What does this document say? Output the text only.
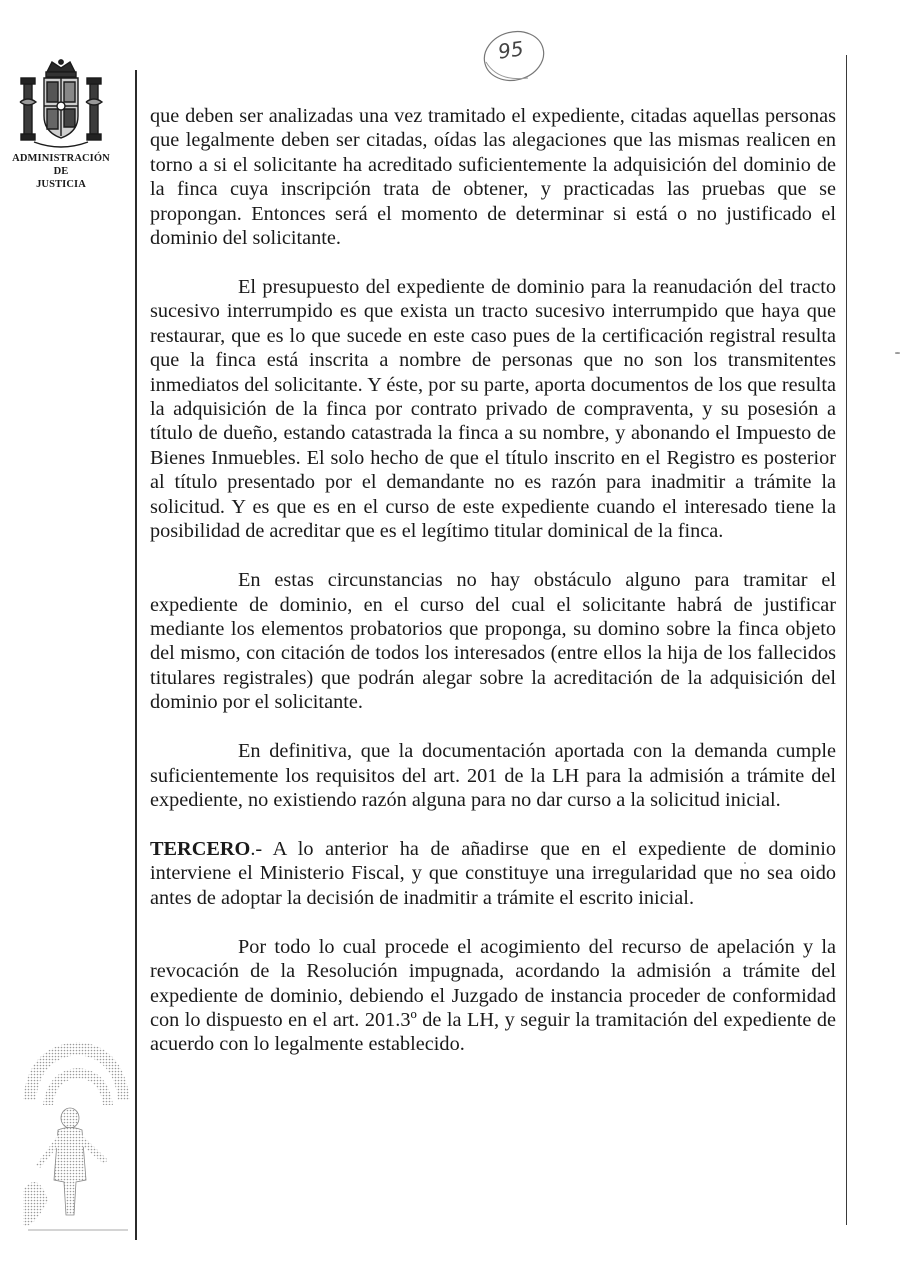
ADMINISTRACIÓN
DE
JUSTICIA
95

que deben ser analizadas una vez tramitado el expediente, citadas aquellas personas que legalmente deben ser citadas, oídas las alegaciones que las mismas realicen en torno a si el solicitante ha acreditado suficientemente la adquisición del dominio de la finca cuya inscripción trata de obtener, y practicadas las pruebas que se propongan. Entonces será el momento de determinar si está o no justificado el dominio del solicitante.

El presupuesto del expediente de dominio para la reanudación del tracto sucesivo interrumpido es que exista un tracto sucesivo interrumpido que haya que restaurar, que es lo que sucede en este caso pues de la certificación registral resulta que la finca está inscrita a nombre de personas que no son los transmitentes inmediatos del solicitante. Y éste, por su parte, aporta documentos de los que resulta la adquisición de la finca por contrato privado de compraventa, y su posesión a título de dueño, estando catastrada la finca a su nombre, y abonando el Impuesto de Bienes Inmuebles. El solo hecho de que el título inscrito en el Registro es posterior al título presentado por el demandante no es razón para inadmitir a trámite la solicitud. Y es que es en el curso de este expediente cuando el interesado tiene la posibilidad de acreditar que es el legítimo titular dominical de la finca.

En estas circunstancias no hay obstáculo alguno para tramitar el expediente de dominio, en el curso del cual el solicitante habrá de justificar mediante los elementos probatorios que proponga, su domino sobre la finca objeto del mismo, con citación de todos los interesados (entre ellos la hija de los fallecidos titulares registrales) que podrán alegar sobre la acreditación de la adquisición del dominio por el solicitante.

En definitiva, que la documentación aportada con la demanda cumple suficientemente los requisitos del art. 201 de la LH para la admisión a trámite del expediente, no existiendo razón alguna para no dar curso a la solicitud inicial.

TERCERO.- A lo anterior ha de añadirse que en el expediente de dominio interviene el Ministerio Fiscal, y que constituye una irregularidad que no sea oido antes de adoptar la decisión de inadmitir a trámite el escrito inicial.

Por todo lo cual procede el acogimiento del recurso de apelación y la revocación de la Resolución impugnada, acordando la admisión a trámite del expediente de dominio, debiendo el Juzgado de instancia proceder de conformidad con lo dispuesto en el art. 201.3º de la LH, y seguir la tramitación del expediente de acuerdo con lo legalmente establecido.
